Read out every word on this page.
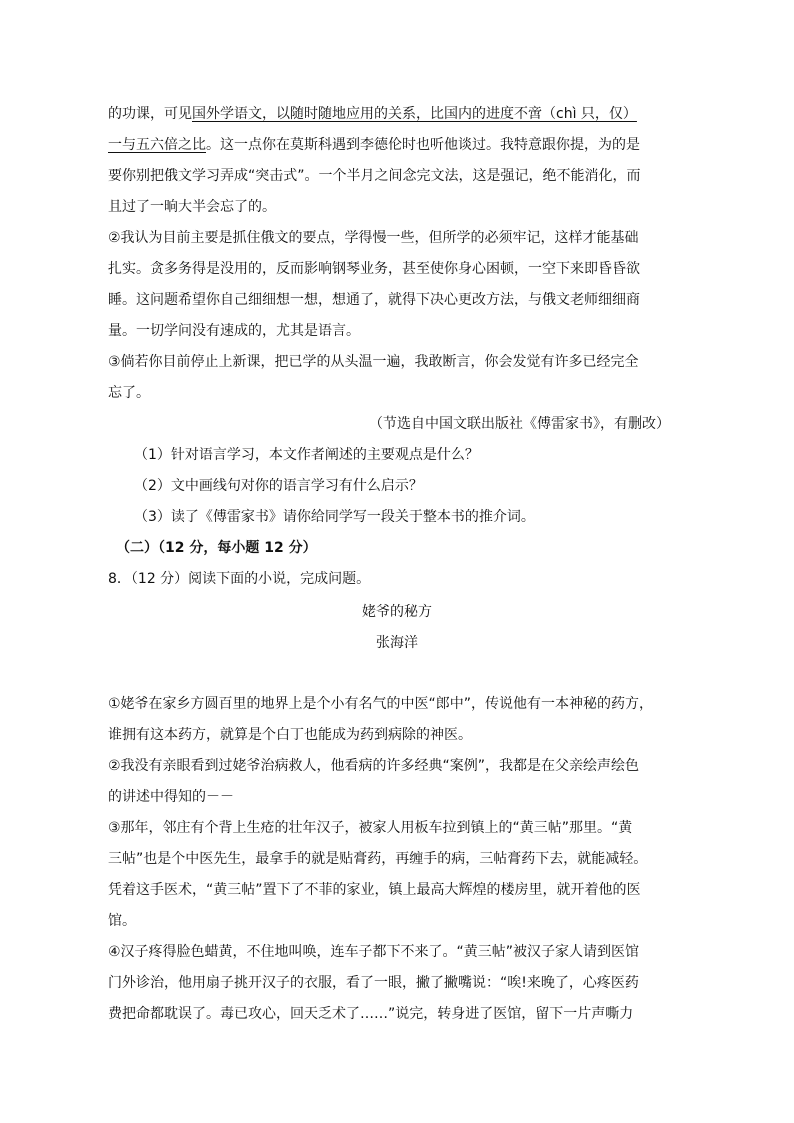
的功课，可见国外学语文，以随时随地应用的关系，比国内的进度不啻（chì 只，仅）
一与五六倍之比。这一点你在莫斯科遇到李德伦时也听他谈过。我特意跟你提，为的是
要你别把俄文学习弄成“突击式”。一个半月之间念完文法，这是强记，绝不能消化，而
且过了一晌大半会忘了的。
②我认为目前主要是抓住俄文的要点，学得慢一些，但所学的必须牢记，这样才能基础
扎实。贪多务得是没用的，反而影响钢琴业务，甚至使你身心困顿，一空下来即昏昏欲
睡。这问题希望你自己细细想一想，想通了，就得下决心更改方法，与俄文老师细细商
量。一切学问没有速成的，尤其是语言。
③倘若你目前停止上新课，把已学的从头温一遍，我敢断言，你会发觉有许多已经完全
忘了。
（节选自中国文联出版社《傅雷家书》，有删改）
（1）针对语言学习，本文作者阐述的主要观点是什么？
（2）文中画线句对你的语言学习有什么启示？
（3）读了《傅雷家书》请你给同学写一段关于整本书的推介词。
（二）（12 分，每小题 12 分）
8．（12 分）阅读下面的小说，完成问题。
姥爷的秘方
张海洋
①姥爷在家乡方圆百里的地界上是个小有名气的中医“郎中”，传说他有一本神秘的药方，
谁拥有这本药方，就算是个白丁也能成为药到病除的神医。
②我没有亲眼看到过姥爷治病救人，他看病的许多经典“案例”，我都是在父亲绘声绘色
的讲述中得知的－－
③那年，邻庄有个背上生疮的壮年汉子，被家人用板车拉到镇上的“黄三帖”那里。“黄
三帖”也是个中医先生，最拿手的就是贴膏药，再缠手的病，三帖膏药下去，就能减轻。
凭着这手医术，“黄三帖”置下了不菲的家业，镇上最高大辉煌的楼房里，就开着他的医
馆。
④汉子疼得脸色蜡黄，不住地叫唤，连车子都下不来了。“黄三帖”被汉子家人请到医馆
门外诊治，他用扇子挑开汉子的衣服，看了一眼，撇了撇嘴说：“唉!来晚了，心疼医药
费把命都耽误了。毒已攻心，回天乏术了……”说完，转身进了医馆，留下一片声嘶力
